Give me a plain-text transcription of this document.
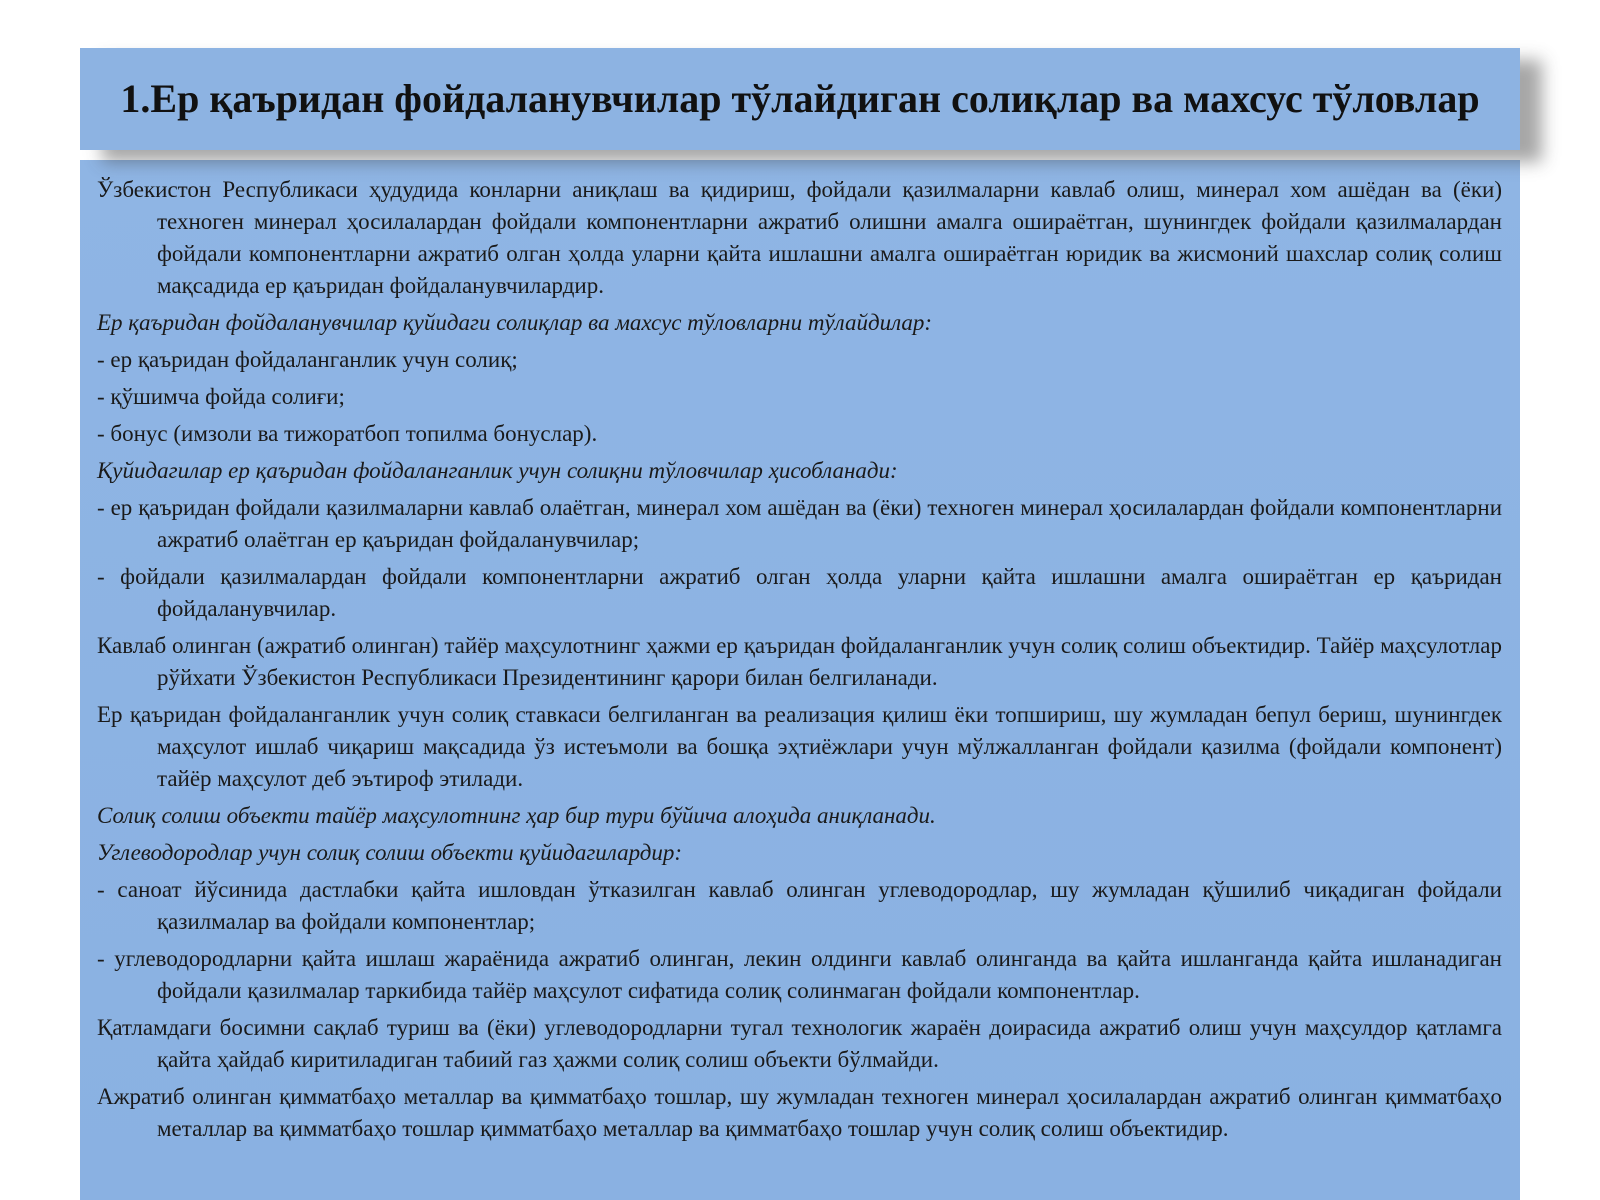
1.Ер қаъридан фойдаланувчилар тўлайдиган солиқлар ва махсус тўловлар

Ўзбекистон Республикаси ҳудудида конларни аниқлаш ва қидириш, фойдали қазилмаларни кавлаб олиш, минерал хом ашёдан ва (ёки) техноген минерал ҳосилалардан фойдали компонентларни ажратиб олишни амалга ошираётган, шунингдек фойдали қазилмалардан фойдали компонентларни ажратиб олган ҳолда уларни қайта ишлашни амалга ошираётган юридик ва жисмоний шахслар солиқ солиш мақсадида ер қаъридан фойдаланувчилардир.

Ер қаъридан фойдаланувчилар қуйидаги солиқлар ва махсус тўловларни тўлайдилар:

- ер қаъридан фойдаланганлик учун солиқ;

- қўшимча фойда солиғи;

- бонус (имзоли ва тижоратбоп топилма бонуслар).

Қуйидагилар ер қаъридан фойдаланганлик учун солиқни тўловчилар ҳисобланади:

- ер қаъридан фойдали қазилмаларни кавлаб олаётган, минерал хом ашёдан ва (ёки) техноген минерал ҳосилалардан фойдали компонентларни ажратиб олаётган ер қаъридан фойдаланувчилар;

- фойдали қазилмалардан фойдали компонентларни ажратиб олган ҳолда уларни қайта ишлашни амалга ошираётган ер қаъридан фойдаланувчилар.

Кавлаб олинган (ажратиб олинган) тайёр маҳсулотнинг ҳажми ер қаъридан фойдаланганлик учун солиқ солиш объектидир. Тайёр маҳсулотлар рўйхати Ўзбекистон Республикаси Президентининг қарори билан белгиланади.

Ер қаъридан фойдаланганлик учун солиқ ставкаси белгиланган ва реализация қилиш ёки топшириш, шу жумладан бепул бериш, шунингдек маҳсулот ишлаб чиқариш мақсадида ўз истеъмоли ва бошқа эҳтиёжлари учун мўлжалланган фойдали қазилма (фойдали компонент) тайёр маҳсулот деб эътироф этилади.

Солиқ солиш объекти тайёр маҳсулотнинг ҳар бир тури бўйича алоҳида аниқланади.

Углеводородлар учун солиқ солиш объекти қуйидагилардир:

- саноат йўсинида дастлабки қайта ишловдан ўтказилган кавлаб олинган углеводородлар, шу жумладан қўшилиб чиқадиган фойдали қазилмалар ва фойдали компонентлар;

- углеводородларни қайта ишлаш жараёнида ажратиб олинган, лекин олдинги кавлаб олинганда ва қайта ишланганда қайта ишланадиган фойдали қазилмалар таркибида тайёр маҳсулот сифатида солиқ солинмаган фойдали компонентлар.

Қатламдаги босимни сақлаб туриш ва (ёки) углеводородларни тугал технологик жараён доирасида ажратиб олиш учун маҳсулдор қатламга қайта ҳайдаб киритиладиган табиий газ ҳажми солиқ солиш объекти бўлмайди.

Ажратиб олинган қимматбаҳо металлар ва қимматбаҳо тошлар, шу жумладан техноген минерал ҳосилалардан ажратиб олинган қимматбаҳо металлар ва қимматбаҳо тошлар қимматбаҳо металлар ва қимматбаҳо тошлар учун солиқ солиш объектидир.
